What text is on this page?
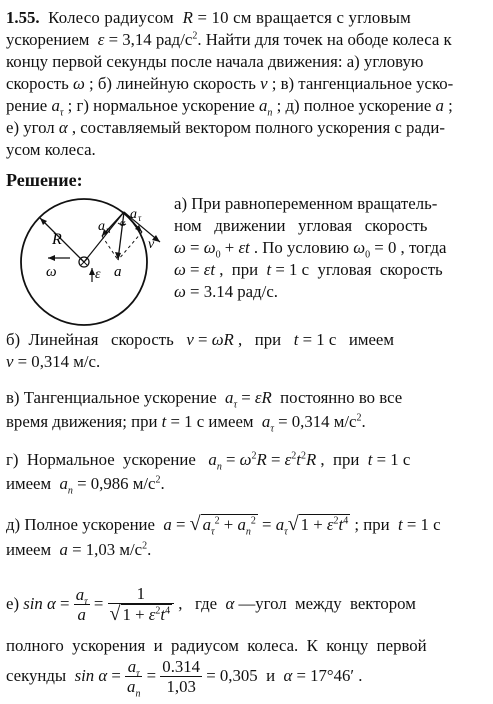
1.55.  Колесо радиусом  R = 10 см вращается с угловым
ускорением  ε = 3,14 рад/$с^2$. Найти для точек на ободе колеса к
концу первой секунды после начала движения: а) угловую
скорость ω ; б) линейную скорость v ; в) тангенциальное уско-
рение $a_\tau$ ; г) нормальное ускорение $a_n$ ; д) полное ускорение a ;
е) угол α , составляемый вектором полного ускорения с ради-
усом колеса.
Решение:
R
a n
a τ
α
v
ω	ε a
а) При равнопеременном вращатель-
ном   движении   угловая   скорость
$\omega = \omega_0 + \varepsilon t$ . По условию $\omega_0 = 0$ , тогда
ω = εt ,  при  t = 1 с  угловая  скорость
ω = 3.14 рад/с.
б)  Линейная   скорость   v = ωR ,   при   t = 1 с   имеем
v = 0,314 м/с.
в) Тангенциальное ускорение  $a_\tau = \varepsilon R$  постоянно во все
время движения; при t = 1 с имеем  $a_\tau = 0,314$ $м/с^2$.
г)  Нормальное  ускорение   $a_n = \omega^2R = \varepsilon^2t^2R$ ,  при  t = 1 с
имеем  $a_n = 0,986$ $м/с^2$.
д) Полное ускорение  a = √ $a_\tau^2 + a_n^2 = a_\tau√$ $1 + \varepsilon^2t^4$ ; при  t = 1 с
имеем  a = 1,03 $м/с^2$.
е) $\sin \alpha = \frac{a_\tau}{a} = \frac{1}{√ 1 + \varepsilon^2t^4}$ ,   где  α —угол  между  вектором
полного  ускорения  и  радиусом  колеса.  К  концу  первой
секунды  $\sin \alpha = \frac{a_\tau}{a_n} = \frac{0.314}{1,03} = 0,305$  и  α = 17°46′ .
